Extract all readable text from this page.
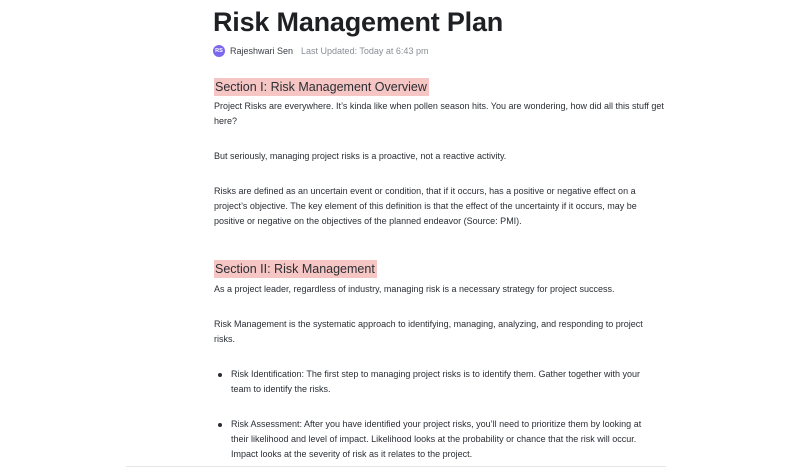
Risk Management Plan
RS Rajeshwari Sen Last Updated: Today at 6:43 pm
Section I: Risk Management Overview

Project Risks are everywhere. It’s kinda like when pollen season hits. You are wondering, how did all this stuff get here?

But seriously, managing project risks is a proactive, not a reactive activity.

Risks are defined as an uncertain event or condition, that if it occurs, has a positive or negative effect on a project’s objective. The key element of this definition is that the effect of the uncertainty if it occurs, may be positive or negative on the objectives of the planned endeavor (Source: PMI).

Section II: Risk Management

As a project leader, regardless of industry, managing risk is a necessary strategy for project success.

Risk Management is the systematic approach to identifying, managing, analyzing, and responding to project risks.

Risk Identification: The first step to managing project risks is to identify them. Gather together with your team to identify the risks.

Risk Assessment: After you have identified your project risks, you’ll need to prioritize them by looking at their likelihood and level of impact. Likelihood looks at the probability or chance that the risk will occur. Impact looks at the severity of risk as it relates to the project.
